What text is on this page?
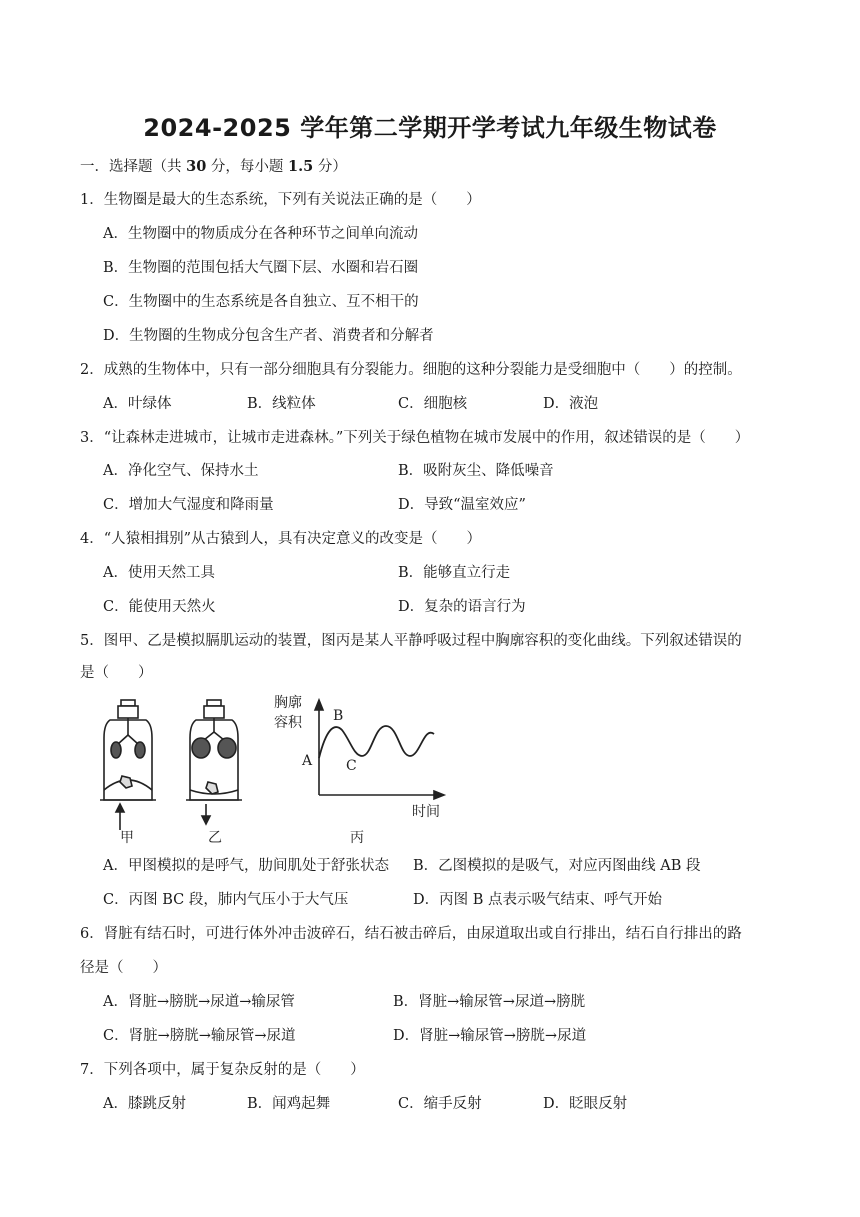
2024-2025 学年第二学期开学考试九年级生物试卷
一．选择题（共 30 分，每小题 1.5 分）
1．生物圈是最大的生态系统，下列有关说法正确的是（　　）
A．生物圈中的物质成分在各种环节之间单向流动
B．生物圈的范围包括大气圈下层、水圈和岩石圈
C．生物圈中的生态系统是各自独立、互不相干的
D．生物圈的生物成分包含生产者、消费者和分解者
2．成熟的生物体中，只有一部分细胞具有分裂能力。细胞的这种分裂能力是受细胞中（　　）的控制。
A．叶绿体	B．线粒体	C．细胞核	D．液泡
3．“让森林走进城市，让城市走进森林。”下列关于绿色植物在城市发展中的作用，叙述错误的是（　　）
A．净化空气、保持水土	B．吸附灰尘、降低噪音
C．增加大气湿度和降雨量	D．导致“温室效应”
4．“人猿相揖别”从古猿到人，具有决定意义的改变是（　　）
A．使用天然工具	B．能够直立行走
C．能使用天然火	D．复杂的语言行为
5．图甲、乙是模拟膈肌运动的装置，图丙是某人平静呼吸过程中胸廓容积的变化曲线。下列叙述错误的
是（　　）
胸廓
容积
时间
甲	乙	丙
A
B
C
A．甲图模拟的是呼气，肋间肌处于舒张状态 B．乙图模拟的是吸气，对应丙图曲线 AB 段
C．丙图 BC 段，肺内气压小于大气压	D．丙图 B 点表示吸气结束、呼气开始
6．肾脏有结石时，可进行体外冲击波碎石，结石被击碎后，由尿道取出或自行排出，结石自行排出的路
径是（　　）
A．肾脏→膀胱→尿道→输尿管	B．肾脏→输尿管→尿道→膀胱
C．肾脏→膀胱→输尿管→尿道	D．肾脏→输尿管→膀胱→尿道
7．下列各项中，属于复杂反射的是（　　）
A．膝跳反射	B．闻鸡起舞	C．缩手反射	D．眨眼反射
